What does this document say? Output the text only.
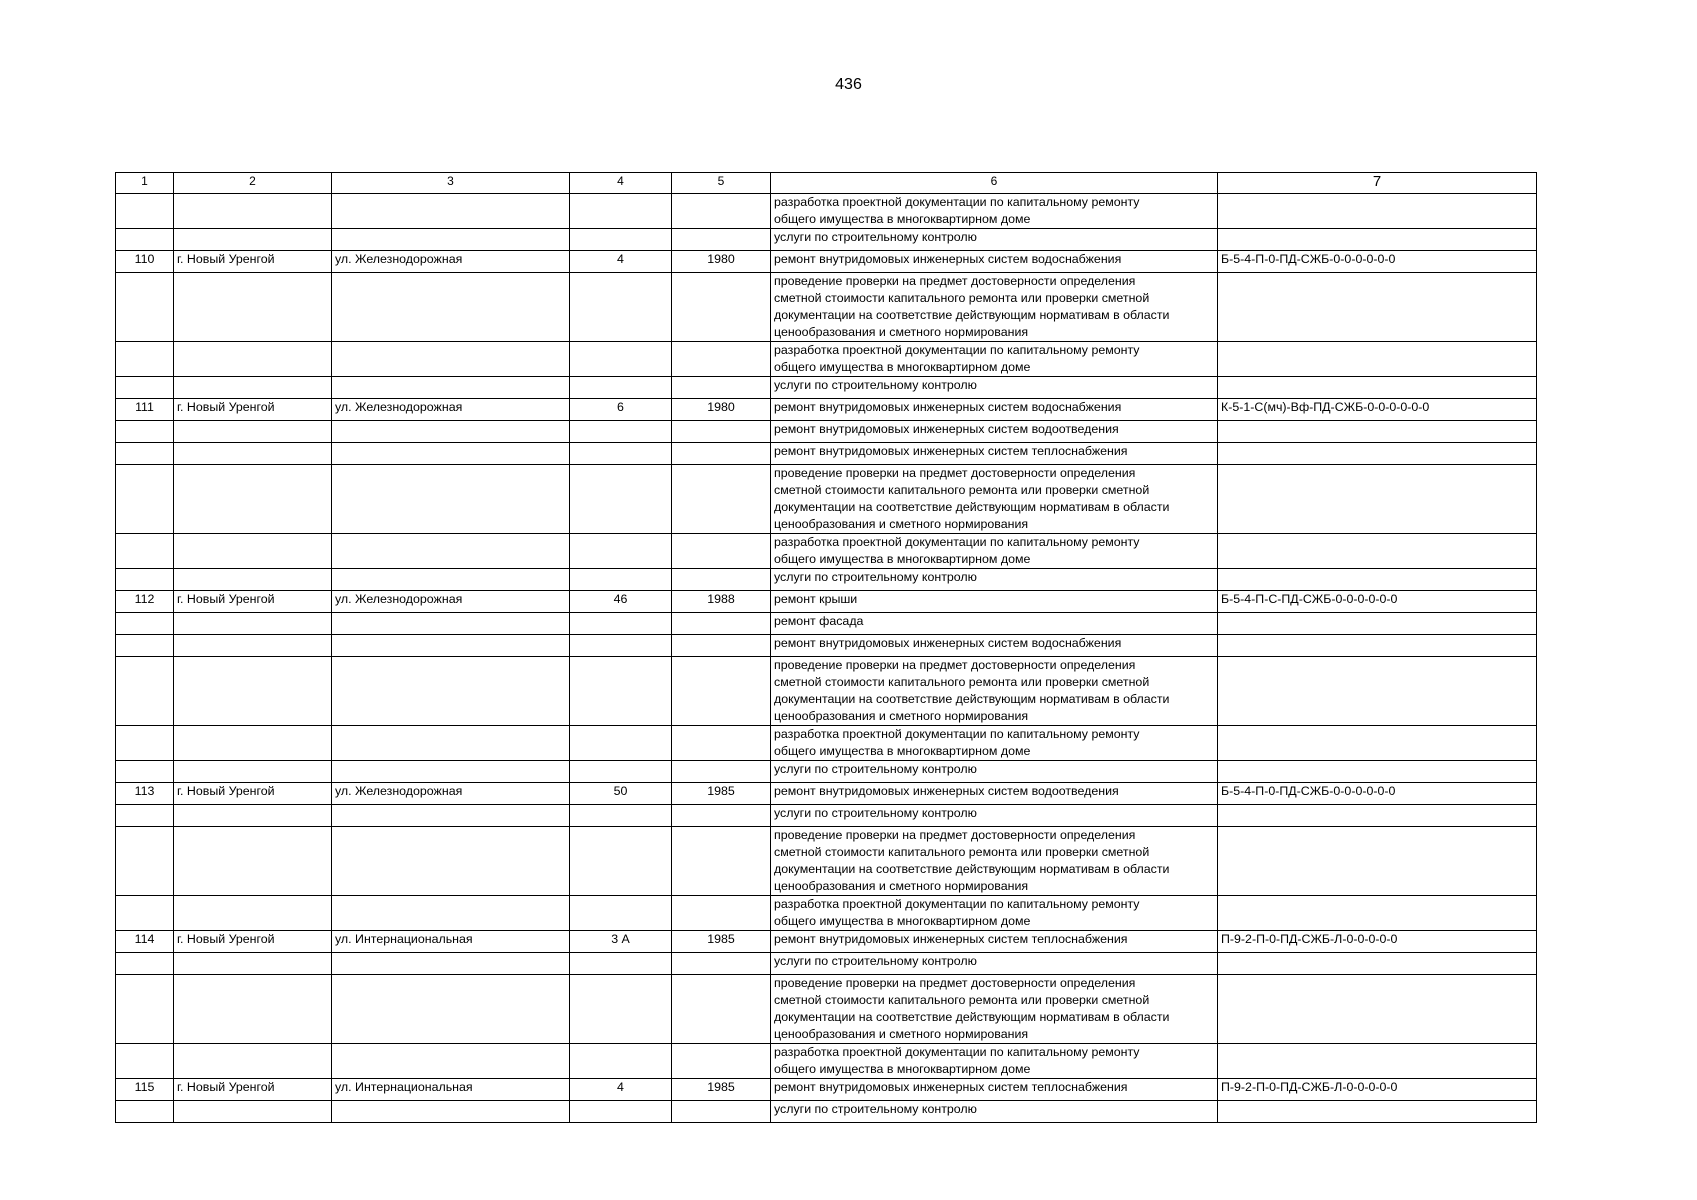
436
1	2	3	4	5	6	7
					разработка проектной документации по капитальному ремонту
общего имущества в многоквартирном доме	
					услуги по строительному контролю	
110	г. Новый Уренгой	ул. Железнодорожная	4	1980	ремонт внутридомовых инженерных систем водоснабжения	Б-5-4-П-0-ПД-СЖБ-0-0-0-0-0-0
					проведение проверки на предмет достоверности определения
сметной стоимости капитального ремонта или проверки сметной
документации на соответствие действующим нормативам в области
ценообразования и сметного нормирования	
					разработка проектной документации по капитальному ремонту
общего имущества в многоквартирном доме	
					услуги по строительному контролю	
111	г. Новый Уренгой	ул. Железнодорожная	6	1980	ремонт внутридомовых инженерных систем водоснабжения	К-5-1-С(мч)-Вф-ПД-СЖБ-0-0-0-0-0-0
					ремонт внутридомовых инженерных систем водоотведения	
					ремонт внутридомовых инженерных систем теплоснабжения	
					проведение проверки на предмет достоверности определения
сметной стоимости капитального ремонта или проверки сметной
документации на соответствие действующим нормативам в области
ценообразования и сметного нормирования	
					разработка проектной документации по капитальному ремонту
общего имущества в многоквартирном доме	
					услуги по строительному контролю	
112	г. Новый Уренгой	ул. Железнодорожная	46	1988	ремонт крыши	Б-5-4-П-С-ПД-СЖБ-0-0-0-0-0-0
					ремонт фасада	
					ремонт внутридомовых инженерных систем водоснабжения	
					проведение проверки на предмет достоверности определения
сметной стоимости капитального ремонта или проверки сметной
документации на соответствие действующим нормативам в области
ценообразования и сметного нормирования	
					разработка проектной документации по капитальному ремонту
общего имущества в многоквартирном доме	
					услуги по строительному контролю	
113	г. Новый Уренгой	ул. Железнодорожная	50	1985	ремонт внутридомовых инженерных систем водоотведения	Б-5-4-П-0-ПД-СЖБ-0-0-0-0-0-0
					услуги по строительному контролю	
					проведение проверки на предмет достоверности определения
сметной стоимости капитального ремонта или проверки сметной
документации на соответствие действующим нормативам в области
ценообразования и сметного нормирования	
					разработка проектной документации по капитальному ремонту
общего имущества в многоквартирном доме	
114	г. Новый Уренгой	ул. Интернациональная	3 А	1985	ремонт внутридомовых инженерных систем теплоснабжения	П-9-2-П-0-ПД-СЖБ-Л-0-0-0-0-0
					услуги по строительному контролю	
					проведение проверки на предмет достоверности определения
сметной стоимости капитального ремонта или проверки сметной
документации на соответствие действующим нормативам в области
ценообразования и сметного нормирования	
					разработка проектной документации по капитальному ремонту
общего имущества в многоквартирном доме	
115	г. Новый Уренгой	ул. Интернациональная	4	1985	ремонт внутридомовых инженерных систем теплоснабжения	П-9-2-П-0-ПД-СЖБ-Л-0-0-0-0-0
					услуги по строительному контролю	
